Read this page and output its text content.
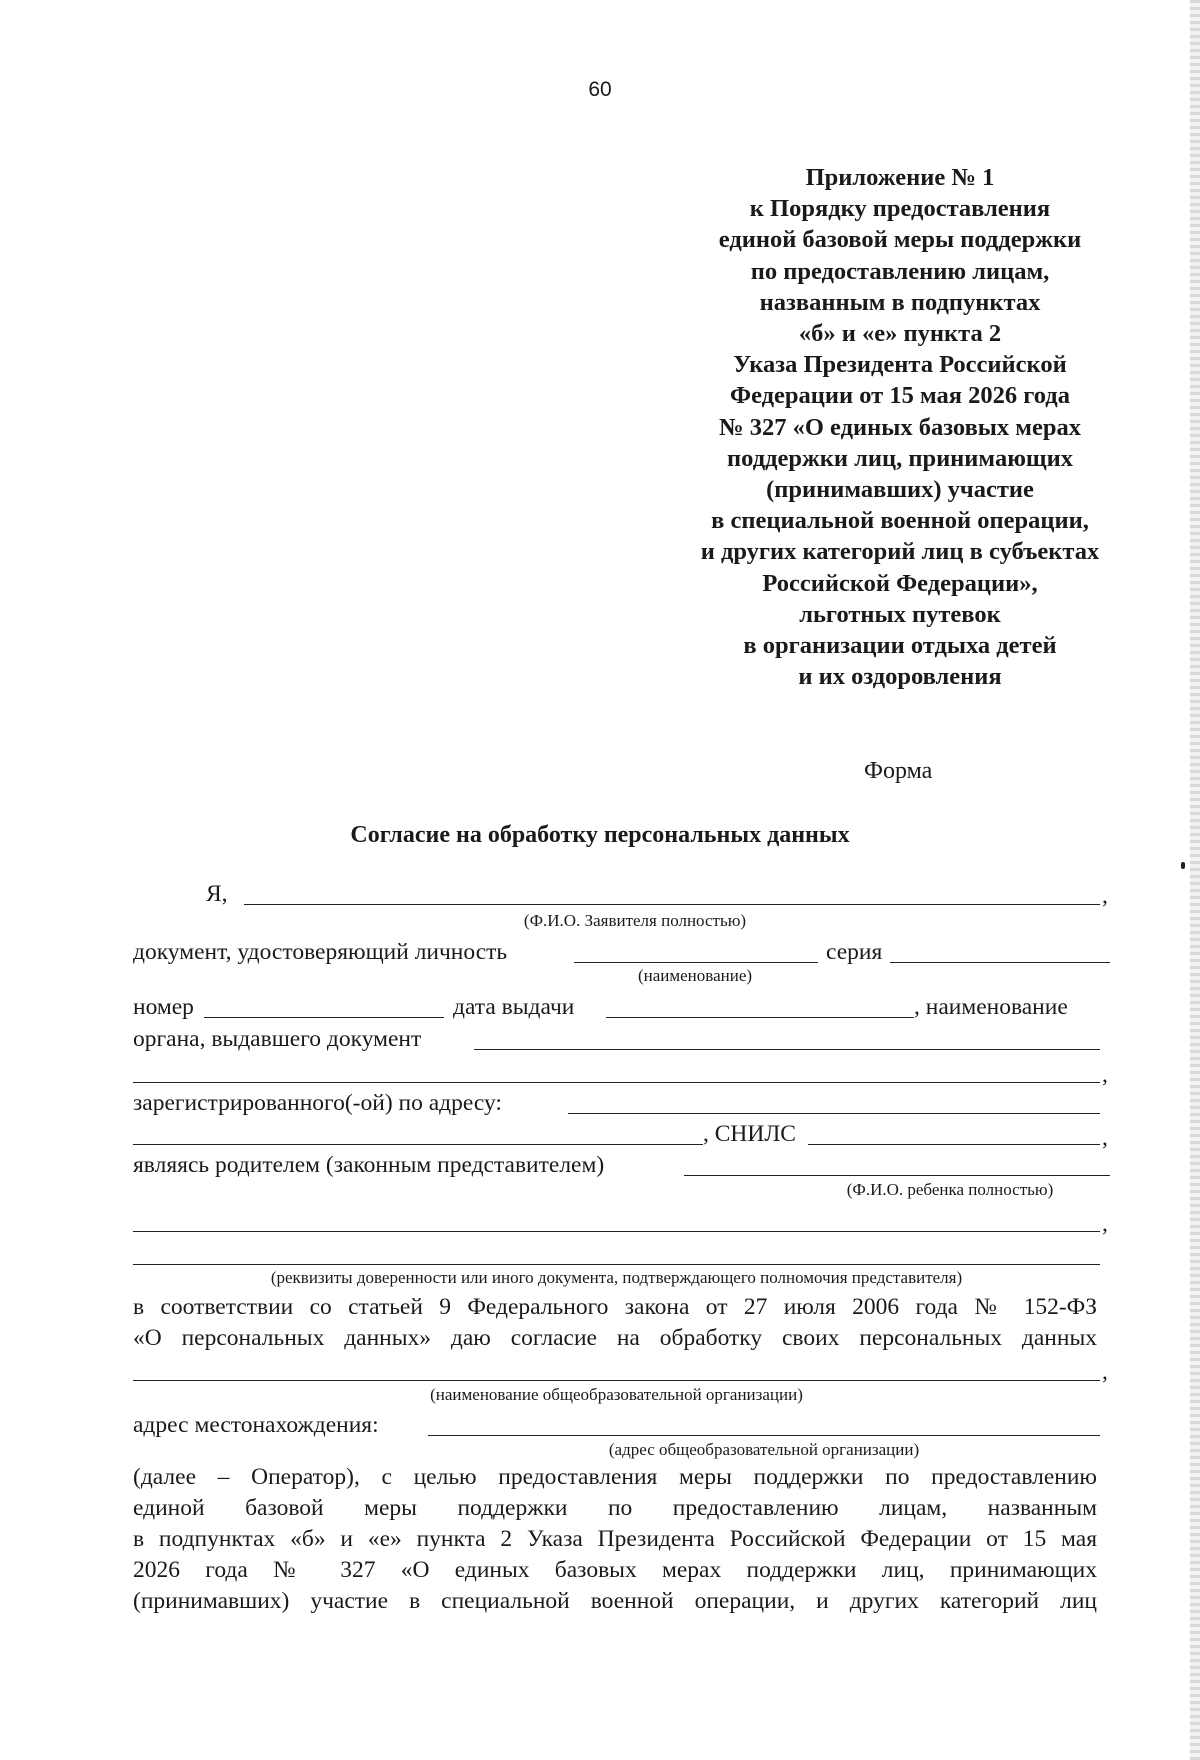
60
Приложение № 1
к Порядку предоставления
единой базовой меры поддержки
по предоставлению лицам,
названным в подпунктах
«б» и «е» пункта 2
Указа Президента Российской
Федерации от 15 мая 2026 года
№ 327 «О единых базовых мерах
поддержки лиц, принимающих
(принимавших) участие
в специальной военной операции,
и других категорий лиц в субъектах
Российской Федерации»,
льготных путевок
в организации отдыха детей
и их оздоровления
Форма
Согласие на обработку персональных данных
Я,	,
(Ф.И.О. Заявителя полностью)
документ, удостоверяющий личность	серия
(наименование)
номер	дата выдачи	, наименование
органа, выдавшего документ
,
зарегистрированного(-ой) по адресу:
, СНИЛС	,
являясь родителем (законным представителем)
(Ф.И.О. ребенка полностью)
,
(реквизиты доверенности или иного документа, подтверждающего полномочия представителя)
в соответствии со статьей 9 Федерального закона от 27 июля 2006 года № 152-ФЗ
«О персональных данных» даю согласие на обработку своих персональных данных
,
(наименование общеобразовательной организации)
адрес местонахождения:
(адрес общеобразовательной организации)
(далее – Оператор), с целью предоставления меры поддержки по предоставлению
единой базовой меры поддержки по предоставлению лицам, названным
в подпунктах «б» и «е» пункта 2 Указа Президента Российской Федерации от 15 мая
2026 года № 327 «О единых базовых мерах поддержки лиц, принимающих
(принимавших) участие в специальной военной операции, и других категорий лиц
